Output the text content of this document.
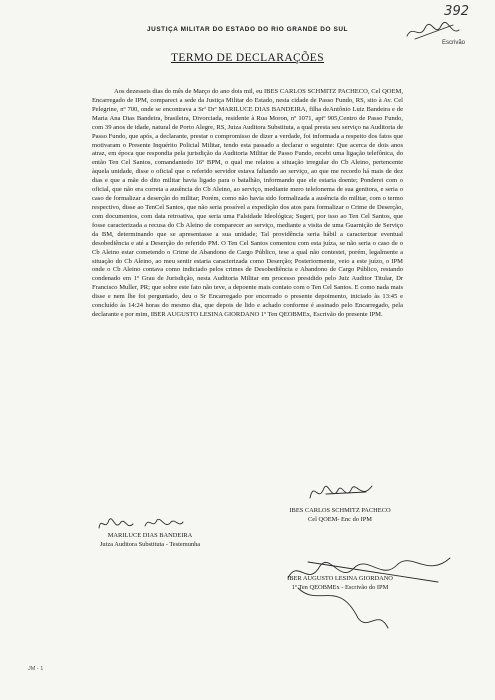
392
Escrivão
JUSTIÇA MILITAR DO ESTADO DO RIO GRANDE DO SUL
TERMO DE DECLARAÇÕES
Aos dezesseis dias do mês de Março do ano dois mil, eu IBES CARLOS SCHMITZ PACHECO, Cel QOEM, Encarregado de IPM, compareci a sede da Justiça Militar do Estado, nesta cidade de Passo Fundo, RS, sito à Av. Cel Pelegrine, nº 700, onde se encontrava a Srª Drª MARILUCE DIAS BANDEIRA, filha deAntônio Luiz Bandeira e de Maria Ana Dias Bandeira, brasileira, Divorciada, residente à Rua Moron, nº 1071, aptº 905,Centro de Passo Fundo, com 39 anos de idade, natural de Porto Alegre, RS, Juiza Auditora Substituta, a qual presta seu serviço na Auditoria de Passo Fundo, que após, a declarante, prestar o compromisso de dizer a verdade, foi informada a respeito dos fatos que motivaram o Presente Inquérito Policial Militar, tendo esta passado a declarar o seguinte: Que acerca de dois anos atraz, em época que respondia pela jurisdição da Auditoria Militar de Passo Fundo, recebi uma ligação telefônica, do então Ten Cel Santos, comandantedo 16º BPM, o qual me relatou a situação irregular do Cb Aleino, pertencente àquela unidade, disse o oficial que o referido servidor estava faltando ao serviço, ao que me recordo há mais de dez dias e que a mãe do dito militar havia ligado para o batalhão, informando que ele estaria doente; Ponderei com o oficial, que não era correta a ausência do Cb Aleino, ao serviço, mediante mero telefonema de sua genitora, e seria o caso de formalizar a deserção do militar; Porém, como não havia sido formalizada a ausência do militar, com o termo respectivo, disse ao TenCel Santos, que não seria possível a expedição dos atos para formalizar o Crime de Deserção, com documentos, com data retroativa, que seria uma Falsidade Ideológica; Sugeri, por isso ao Ten Cel Santos, que fosse caracterizada a recusa do Cb Aleino de comparecer ao serviço, mediante a visita de uma Guarnição de Serviço da BM, determinando que se apresentasse a sua unidade; Tal providência seria hábil a caracterizar eventual desobediência e até a Deserção do referido PM. O Ten Cel Santos comentou com esta juíza, se não seria o caso de o Cb Aleino estar cometendo o Crime de Abandono de Cargo Público, tese a qual não contestei, porém, legalmente a situação do Cb Aleino, ao meu sentir estaria caracterizada como Deserção; Posteriormente, veio a este juízo, o IPM onde o Cb Aleino contava como indiciado pelos crimes de Desobediência e Abandono de Cargo Público, restando condenado em 1º Grau de Jurisdição, nesta Auditoria Militar em processo presidido pelo Juiz Auditor Titular, Dr Francisco Muller, PR; que sobre este fato não teve, a depoente mais contato com o Ten Cel Santos. E como nada mais disse e nem lhe foi perguntado, deu o Sr Encarregado por encerrado o presente depoimento, iniciado às 13:45 e concluído às 14:24 horas do mesmo dia, que depois de lido e achado conforme é assinado pelo Encarregado, pela declarante e por mim, IBER AUGUSTO LESINA GIORDANO 1º Ten QEOBMEx, Escrivão do presente IPM.
IBES CARLOS SCHMITZ PACHECO
Cel QOEM- Enc do IPM
MARILUCE DIAS BANDEIRA
Juiza Auditora Substituta - Testemunha
IBER AUGUSTO LESINA GIORDANO
1º Ten QEOBMEx - Escrivão do IPM
JM - 1
